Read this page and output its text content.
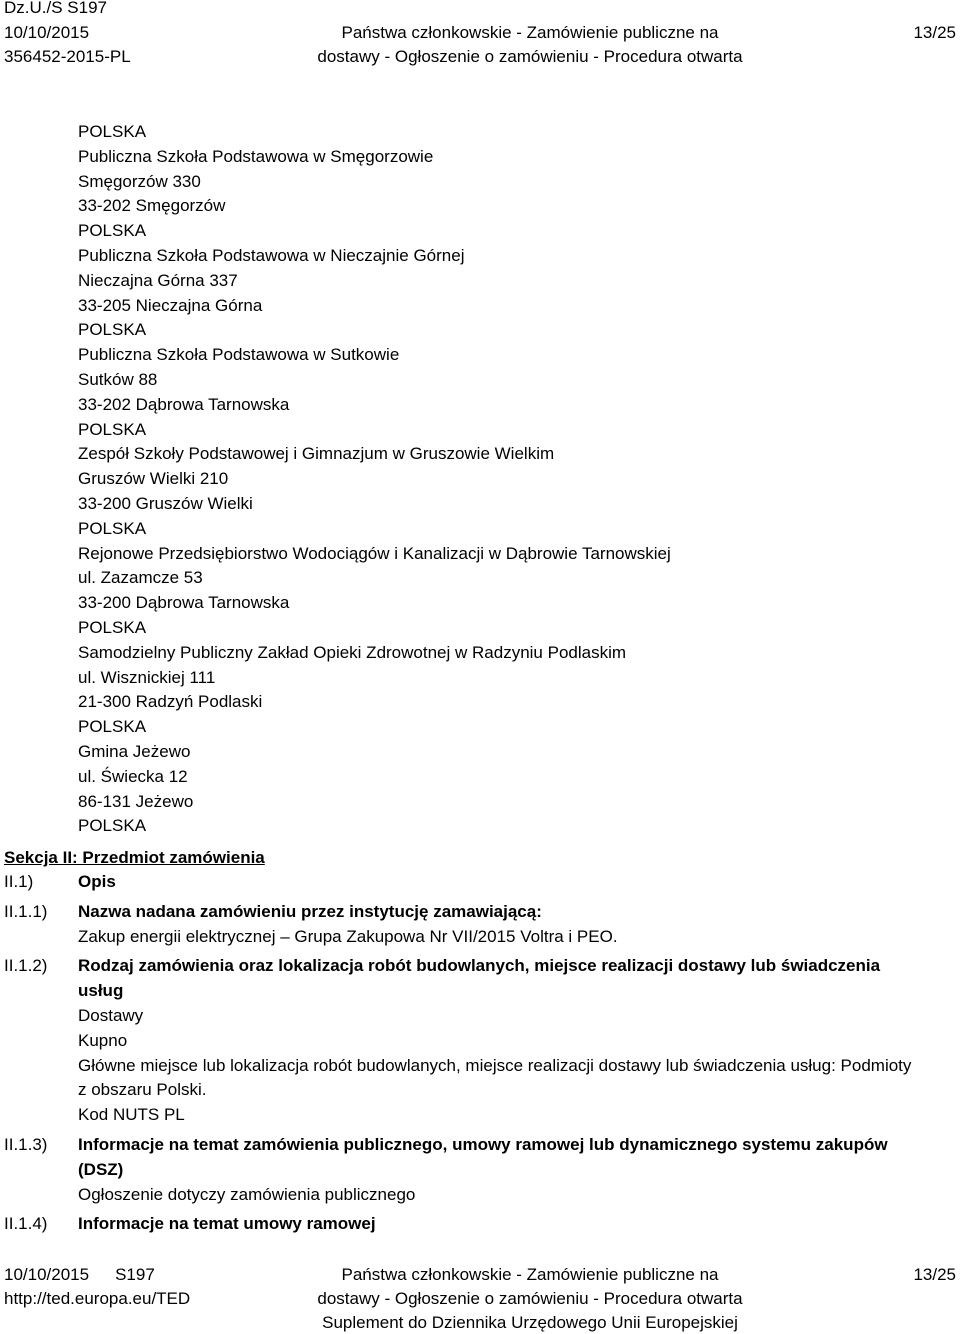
Dz.U./S S197
10/10/2015
356452-2015-PL
Państwa członkowskie - Zamówienie publiczne na
dostawy - Ogłoszenie o zamówieniu - Procedura otwarta
13/25
POLSKA
Publiczna Szkoła Podstawowa w Smęgorzowie
Smęgorzów 330
33-202 Smęgorzów
POLSKA
Publiczna Szkoła Podstawowa w Nieczajnie Górnej
Nieczajna Górna 337
33-205 Nieczajna Górna
POLSKA
Publiczna Szkoła Podstawowa w Sutkowie
Sutków 88
33-202 Dąbrowa Tarnowska
POLSKA
Zespół Szkoły Podstawowej i Gimnazjum w Gruszowie Wielkim
Gruszów Wielki 210
33-200 Gruszów Wielki
POLSKA
Rejonowe Przedsiębiorstwo Wodociągów i Kanalizacji w Dąbrowie Tarnowskiej
ul. Zazamcze 53
33-200 Dąbrowa Tarnowska
POLSKA
Samodzielny Publiczny Zakład Opieki Zdrowotnej w Radzyniu Podlaskim
ul. Wisznickiej 111
21-300 Radzyń Podlaski
POLSKA
Gmina Jeżewo
ul. Świecka 12
86-131 Jeżewo
POLSKA
Sekcja II: Przedmiot zamówienia
II.1)	Opis
II.1.1)	Nazwa nadana zamówieniu przez instytucję zamawiającą:
Zakup energii elektrycznej – Grupa Zakupowa Nr VII/2015 Voltra i PEO.
II.1.2)	Rodzaj zamówienia oraz lokalizacja robót budowlanych, miejsce realizacji dostawy lub świadczenia
usług
Dostawy
Kupno
Główne miejsce lub lokalizacja robót budowlanych, miejsce realizacji dostawy lub świadczenia usług: Podmioty
z obszaru Polski.
Kod NUTS PL
II.1.3)	Informacje na temat zamówienia publicznego, umowy ramowej lub dynamicznego systemu zakupów
(DSZ)
Ogłoszenie dotyczy zamówienia publicznego
II.1.4)	Informacje na temat umowy ramowej
10/10/2015 S197
http://ted.europa.eu/TED
Państwa członkowskie - Zamówienie publiczne na
dostawy - Ogłoszenie o zamówieniu - Procedura otwarta
Suplement do Dziennika Urzędowego Unii Europejskiej
13/25
